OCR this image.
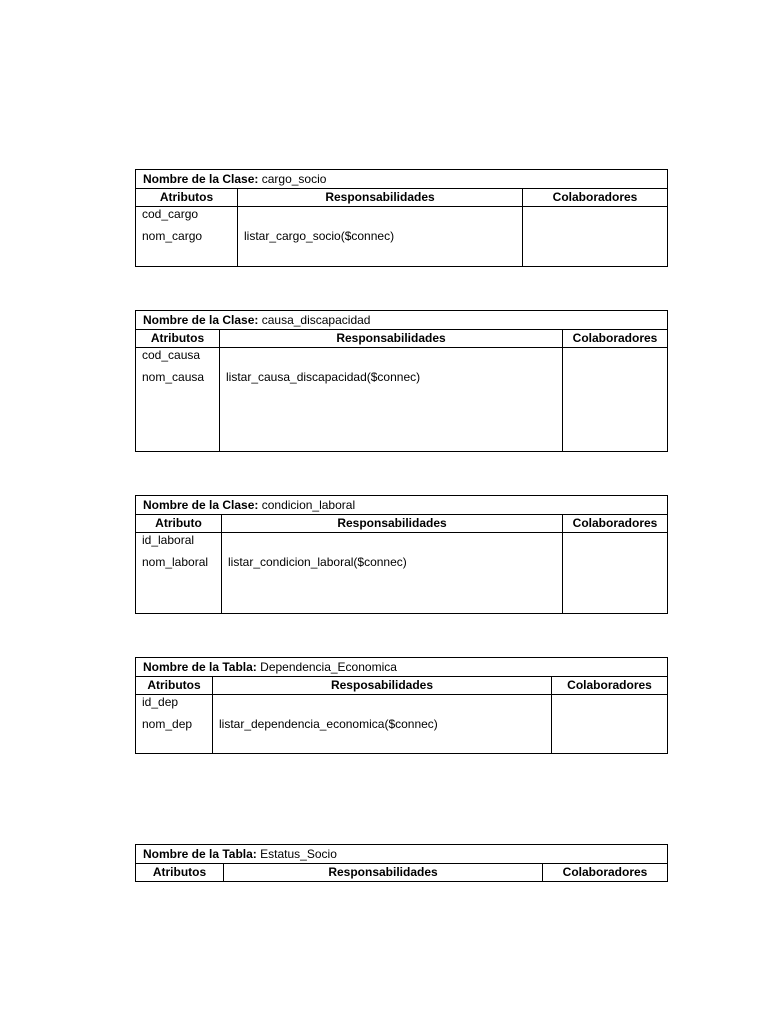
Nombre de la Clase: cargo_socio
Atributos	Responsabilidades	Colaboradores
cod_cargo
nom_cargo	listar_cargo_socio($connec)
Nombre de la Clase: causa_discapacidad
Atributos	Responsabilidades	Colaboradores
cod_causa
nom_causa	listar_causa_discapacidad($connec)
Nombre de la Clase: condicion_laboral
Atributo	Responsabilidades	Colaboradores
id_laboral
nom_laboral	listar_condicion_laboral($connec)
Nombre de la Tabla: Dependencia_Economica
Atributos	Resposabilidades	Colaboradores
id_dep
nom_dep	listar_dependencia_economica($connec)
Nombre de la Tabla: Estatus_Socio
Atributos	Responsabilidades	Colaboradores
